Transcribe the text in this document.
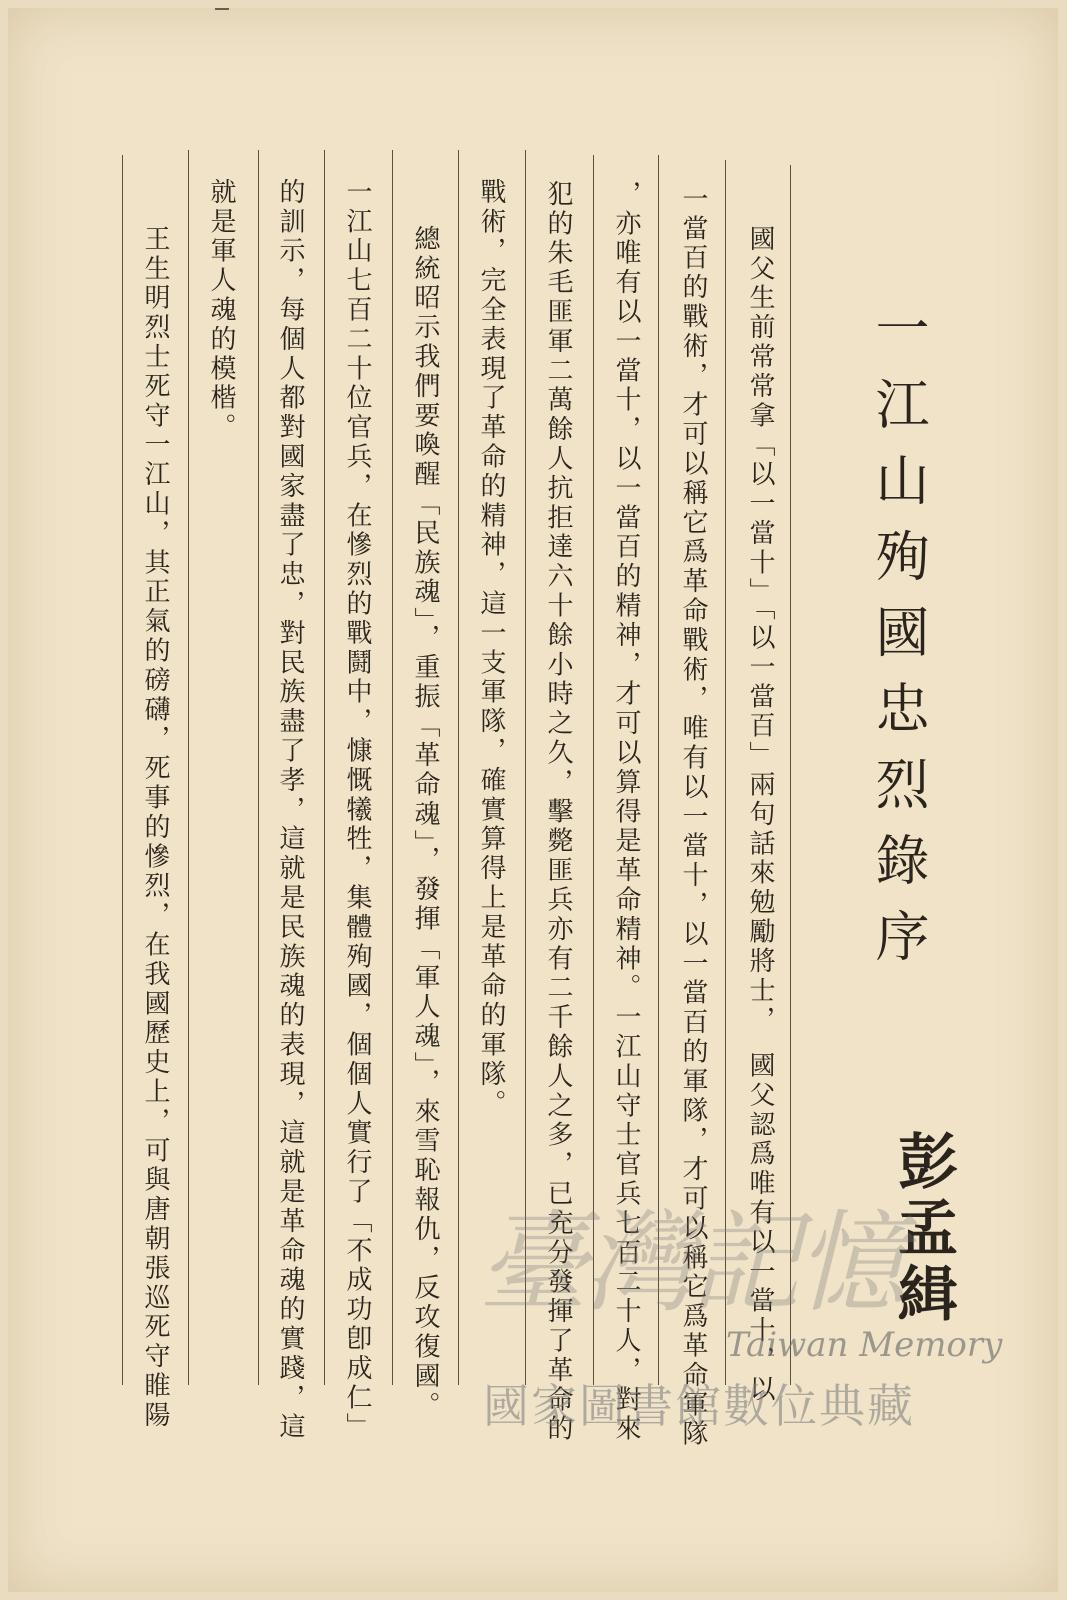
一江山殉國忠烈錄序
彭孟緝
國父生前常常拿「以一當十」「以一當百」兩句話來勉勵將士，　國父認爲唯有以一當十，以
一當百的戰術，才可以稱它爲革命戰術，唯有以一當十，以一當百的軍隊，才可以稱它爲革命軍隊
，亦唯有以一當十，以一當百的精神，才可以算得是革命精神。一江山守士官兵七百二十人，對來
犯的朱毛匪軍二萬餘人抗拒達六十餘小時之久，擊斃匪兵亦有二千餘人之多，已充分發揮了革命的
戰術，完全表現了革命的精神，這一支軍隊，確實算得上是革命的軍隊。
總統昭示我們要喚醒「民族魂」，重振「革命魂」，發揮「軍人魂」，來雪恥報仇，反攻復國。
一江山七百二十位官兵，在慘烈的戰鬪中，慷慨犧牲，集體殉國，個個人實行了「不成功卽成仁」
的訓示，每個人都對國家盡了忠，對民族盡了孝，這就是民族魂的表現，這就是革命魂的實踐，這
就是軍人魂的模楷。
王生明烈士死守一江山，其正氣的磅礴，死事的慘烈，在我國歷史上，可與唐朝張巡死守睢陽	臺灣記憶
Taiwan Memory
國家圖書館數位典藏
